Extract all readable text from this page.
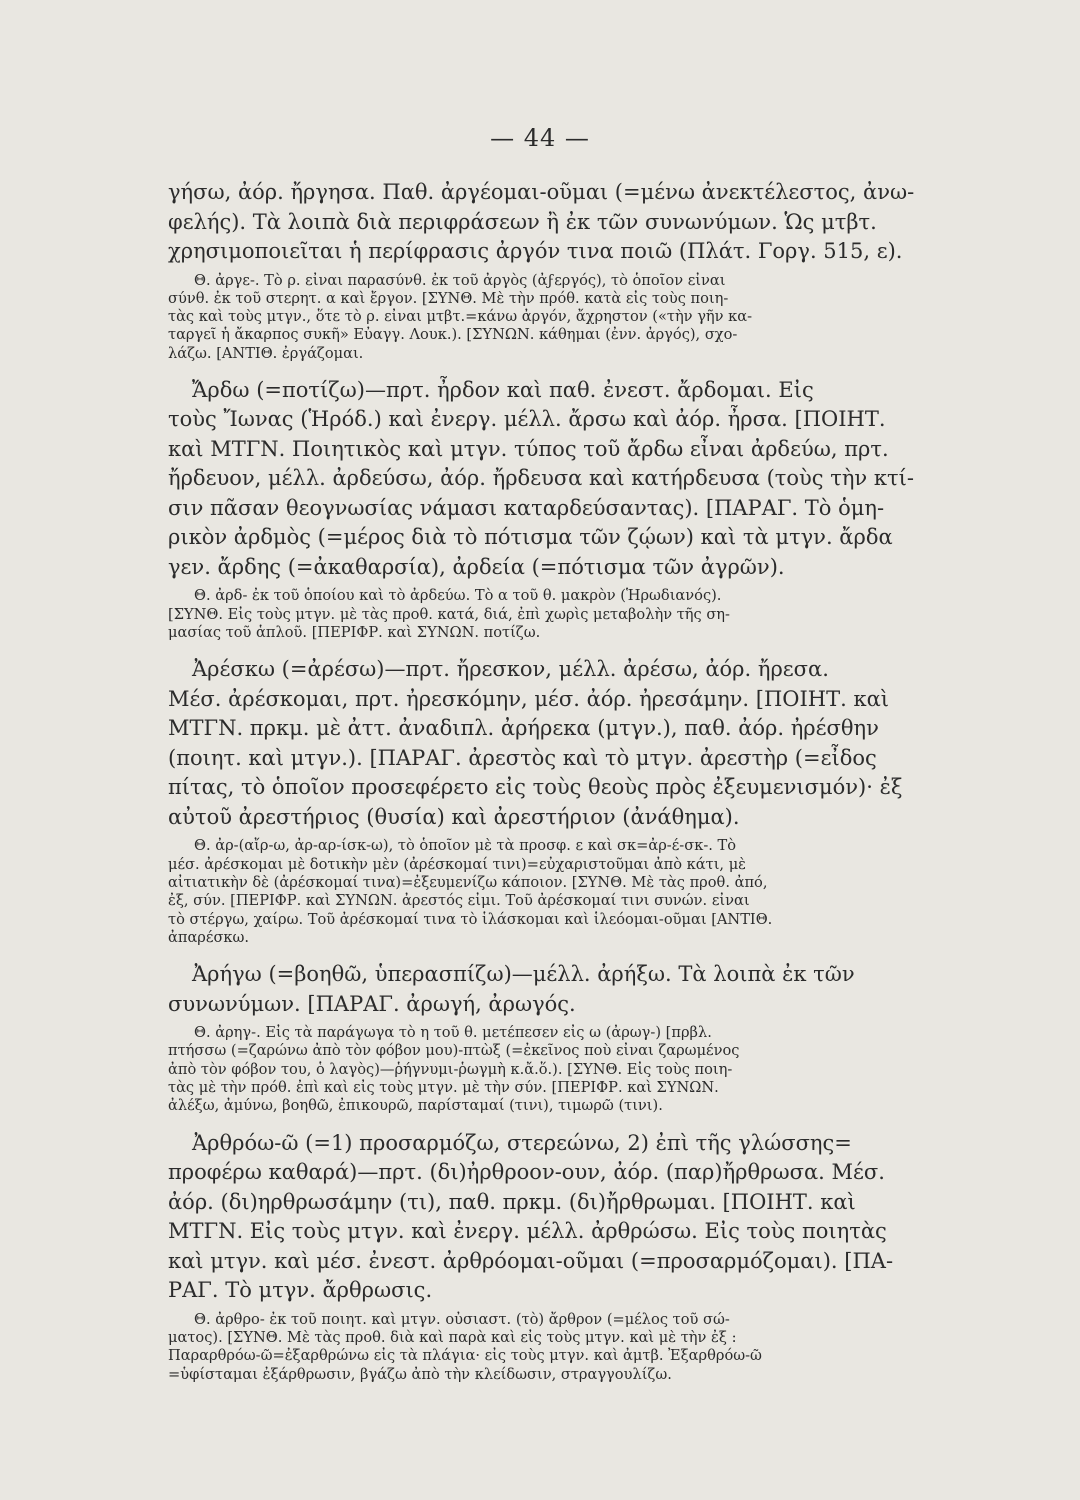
— 44 —

γήσω, ἀόρ. ἤργησα. Παθ. ἀργέομαι-οῦμαι (=μένω ἀνεκτέλεστος, ἀνω-
φελής). Τὰ λοιπὰ διὰ περιφράσεων ἢ ἐκ τῶν συνωνύμων. Ὡς μτβτ.
χρησιμοποιεῖται ἡ περίφρασις ἀργόν τινα ποιῶ (Πλάτ. Γοργ. 515, ε).

Θ. ἀργε-. Τὸ ρ. εἶναι παρασύνθ. ἐκ τοῦ ἀργὸς (ἀϝεργός), τὸ ὁποῖον εἶναι
σύνθ. ἐκ τοῦ στερητ. α καὶ ἔργον. [ΣΥΝΘ. Μὲ τὴν πρόθ. κατὰ εἰς τοὺς ποιη-
τὰς καὶ τοὺς μτγν., ὅτε τὸ ρ. εἶναι μτβτ.=κάνω ἀργόν, ἄχρηστον («τὴν γῆν κα-
ταργεῖ ἡ ἄκαρπος συκῆ» Εὐαγγ. Λουκ.). [ΣΥΝΩΝ. κάθημαι (ἐνν. ἀργός), σχο-
λάζω. [ΑΝΤΙΘ. ἐργάζομαι.

Ἄρδω (=ποτίζω)—πρτ. ἦρδον καὶ παθ. ἐνεστ. ἄρδομαι. Εἰς
τοὺς Ἴωνας (Ἡρόδ.) καὶ ἐνεργ. μέλλ. ἄρσω καὶ ἀόρ. ἦρσα. [ΠΟΙΗΤ.
καὶ ΜΤΓΝ. Ποιητικὸς καὶ μτγν. τύπος τοῦ ἄρδω εἶναι ἀρδεύω, πρτ.
ἤρδευον, μέλλ. ἀρδεύσω, ἀόρ. ἤρδευσα καὶ κατήρδευσα (τοὺς τὴν κτί-
σιν πᾶσαν θεογνωσίας νάμασι καταρδεύσαντας). [ΠΑΡΑΓ. Τὸ ὁμη-
ρικὸν ἀρδμὸς (=μέρος διὰ τὸ πότισμα τῶν ζῴων) καὶ τὰ μτγν. ἄρδα
γεν. ἄρδης (=ἀκαθαρσία), ἀρδεία (=πότισμα τῶν ἀγρῶν).

Θ. ἀρδ- ἐκ τοῦ ὁποίου καὶ τὸ ἀρδεύω. Τὸ α τοῦ θ. μακρὸν (Ἡρωδιανός).
[ΣΥΝΘ. Εἰς τοὺς μτγν. μὲ τὰς προθ. κατά, διά, ἐπὶ χωρὶς μεταβολὴν τῆς ση-
μασίας τοῦ ἁπλοῦ. [ΠΕΡΙΦΡ. καὶ ΣΥΝΩΝ. ποτίζω.

Ἀρέσκω (=ἀρέσω)—πρτ. ἤρεσκον, μέλλ. ἀρέσω, ἀόρ. ἤρεσα.
Μέσ. ἀρέσκομαι, πρτ. ἠρεσκόμην, μέσ. ἀόρ. ἠρεσάμην. [ΠΟΙΗΤ. καὶ
ΜΤΓΝ. πρκμ. μὲ ἀττ. ἀναδιπλ. ἀρήρεκα (μτγν.), παθ. ἀόρ. ἠρέσθην
(ποιητ. καὶ μτγν.). [ΠΑΡΑΓ. ἀρεστὸς καὶ τὸ μτγν. ἀρεστὴρ (=εἶδος
πίτας, τὸ ὁποῖον προσεφέρετο εἰς τοὺς θεοὺς πρὸς ἐξευμενισμόν)· ἐξ
αὐτοῦ ἀρεστήριος (θυσία) καὶ ἀρεστήριον (ἀνάθημα).

Θ. ἀρ-(αἴρ-ω, ἀρ-αρ-ίσκ-ω), τὸ ὁποῖον μὲ τὰ προσφ. ε καὶ σκ=ἀρ-έ-σκ-. Τὸ
μέσ. ἀρέσκομαι μὲ δοτικὴν μὲν (ἀρέσκομαί τινι)=εὐχαριστοῦμαι ἀπὸ κάτι, μὲ
αἰτιατικὴν δὲ (ἀρέσκομαί τινα)=ἐξευμενίζω κάποιον. [ΣΥΝΘ. Μὲ τὰς προθ. ἀπό,
ἐξ, σύν. [ΠΕΡΙΦΡ. καὶ ΣΥΝΩΝ. ἀρεστός εἰμι. Τοῦ ἀρέσκομαί τινι συνών. εἶναι
τὸ στέργω, χαίρω. Τοῦ ἀρέσκομαί τινα τὸ ἱλάσκομαι καὶ ἱλεόομαι-οῦμαι [ΑΝΤΙΘ.
ἀπαρέσκω.

Ἀρήγω (=βοηθῶ, ὑπερασπίζω)—μέλλ. ἀρήξω. Τὰ λοιπὰ ἐκ τῶν
συνωνύμων. [ΠΑΡΑΓ. ἀρωγή, ἀρωγός.

Θ. ἀρηγ-. Εἰς τὰ παράγωγα τὸ η τοῦ θ. μετέπεσεν εἰς ω (ἀρωγ-) [πρβλ.
πτήσσω (=ζαρώνω ἀπὸ τὸν φόβον μου)-πτὼξ (=ἐκεῖνος ποὺ εἶναι ζαρωμένος
ἀπὸ τὸν φόβον του, ὁ λαγὸς)—ῥήγνυμι-ῥωγμὴ κ.ἄ.ὅ.). [ΣΥΝΘ. Εἰς τοὺς ποιη-
τὰς μὲ τὴν πρόθ. ἐπὶ καὶ εἰς τοὺς μτγν. μὲ τὴν σύν. [ΠΕΡΙΦΡ. καὶ ΣΥΝΩΝ.
ἀλέξω, ἀμύνω, βοηθῶ, ἐπικουρῶ, παρίσταμαί (τινι), τιμωρῶ (τινι).

Ἀρθρόω-ῶ (=1) προσαρμόζω, στερεώνω, 2) ἐπὶ τῆς γλώσσης=
προφέρω καθαρά)—πρτ. (δι)ἠρθροον-ουν, ἀόρ. (παρ)ἤρθρωσα. Μέσ.
ἀόρ. (δι)ηρθρωσάμην (τι), παθ. πρκμ. (δι)ἤρθρωμαι. [ΠΟΙΗΤ. καὶ
ΜΤΓΝ. Εἰς τοὺς μτγν. καὶ ἐνεργ. μέλλ. ἀρθρώσω. Εἰς τοὺς ποιητὰς
καὶ μτγν. καὶ μέσ. ἐνεστ. ἀρθρόομαι-οῦμαι (=προσαρμόζομαι). [ΠΑ-
ΡΑΓ. Τὸ μτγν. ἄρθρωσις.

Θ. ἀρθρο- ἐκ τοῦ ποιητ. καὶ μτγν. οὐσιαστ. (τὸ) ἄρθρον (=μέλος τοῦ σώ-
ματος). [ΣΥΝΘ. Μὲ τὰς προθ. διὰ καὶ παρὰ καὶ εἰς τοὺς μτγν. καὶ μὲ τὴν ἐξ :
Παραρθρόω-ῶ=ἐξαρθρώνω εἰς τὰ πλάγια· εἰς τοὺς μτγν. καὶ ἀμτβ. Ἐξαρθρόω-ῶ
=ὑφίσταμαι ἐξάρθρωσιν, βγάζω ἀπὸ τὴν κλείδωσιν, στραγγουλίζω.
